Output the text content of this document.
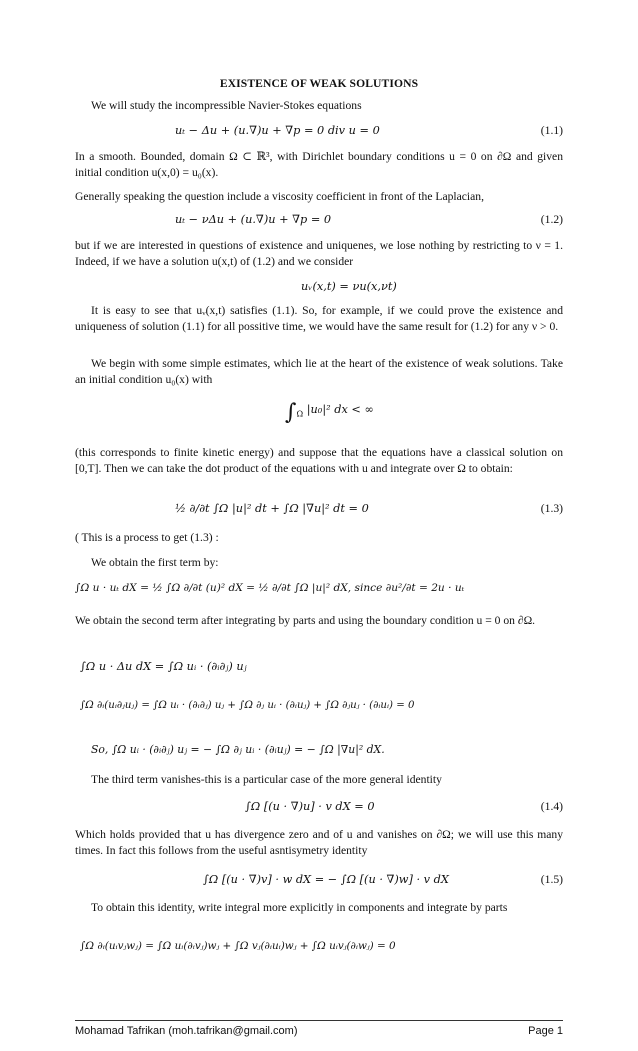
EXISTENCE OF WEAK SOLUTIONS
We will study the incompressible Navier-Stokes equations
uₜ − Δu + (u.∇)u + ∇p = 0 div u = 0	(1.1)
In a smooth. Bounded, domain Ω ⊂ ℝ³, with Dirichlet boundary conditions u = 0 on ∂Ω and given initial condition u(x,0) = u₀(x).
Generally speaking the question include a viscosity coefficient in front of the Laplacian,
uₜ − νΔu + (u.∇)u + ∇p = 0	(1.2)
but if we are interested in questions of existence and uniquenes, we lose nothing by restricting to ν = 1. Indeed, if we have a solution u(x,t) of (1.2) and we consider
uᵥ(x,t) = νu(x,νt)
It is easy to see that uᵥ(x,t) satisfies (1.1). So, for example, if we could prove the existence and uniqueness of solution (1.1) for all possitive time, we would have the same result for (1.2) for any ν > 0.
We begin with some simple estimates, which lie at the heart of the existence of weak solutions. Take an initial condition u₀(x) with
$\int_\Omega$ |u₀|² dx < ∞
(this corresponds to finite kinetic energy) and suppose that the equations have a classical solution on [0,T]. Then we can take the dot product of the equations with u and integrate over Ω to obtain:
½ ∂/∂t ∫Ω |u|² dt + ∫Ω |∇u|² dt = 0	(1.3)
( This is a process to get (1.3) :
We obtain the first term by:
∫Ω u · uₜ dX = ½ ∫Ω ∂/∂t (u)² dX = ½ ∂/∂t ∫Ω |u|² dX, since ∂u²/∂t = 2u · uₜ
We obtain the second term after integrating by parts and using the boundary condition u = 0 on ∂Ω.
∫Ω u · Δu dX = ∫Ω uᵢ · (∂ᵢ∂ⱼ) uⱼ
∫Ω ∂ᵢ(uᵢ∂ⱼuⱼ) = ∫Ω uᵢ · (∂ᵢ∂ⱼ) uⱼ + ∫Ω ∂ⱼ uᵢ · (∂ᵢuⱼ) + ∫Ω ∂ⱼuⱼ · (∂ᵢuᵢ) = 0
So, ∫Ω uᵢ · (∂ᵢ∂ⱼ) uⱼ = − ∫Ω ∂ⱼ uᵢ · (∂ᵢuⱼ) = − ∫Ω |∇u|² dX.
The third term vanishes-this is a particular case of the more general identity
∫Ω [(u · ∇)u] · v dX = 0	(1.4)
Which holds provided that u has divergence zero and of u and vanishes on ∂Ω; we will use this many times. In fact this follows from the useful asntisymetry identity
∫Ω [(u · ∇)v] · w dX = − ∫Ω [(u · ∇)w] · v dX	(1.5)
To obtain this identity, write integral more explicitly in components and integrate by parts
∫Ω ∂ᵢ(uᵢvⱼwⱼ) = ∫Ω uᵢ(∂ᵢvⱼ)wⱼ + ∫Ω vⱼ(∂ᵢuᵢ)wⱼ + ∫Ω uᵢvⱼ(∂ᵢwⱼ) = 0
Mohamad Tafrikan (moh.tafrikan@gmail.com)	Page 1
